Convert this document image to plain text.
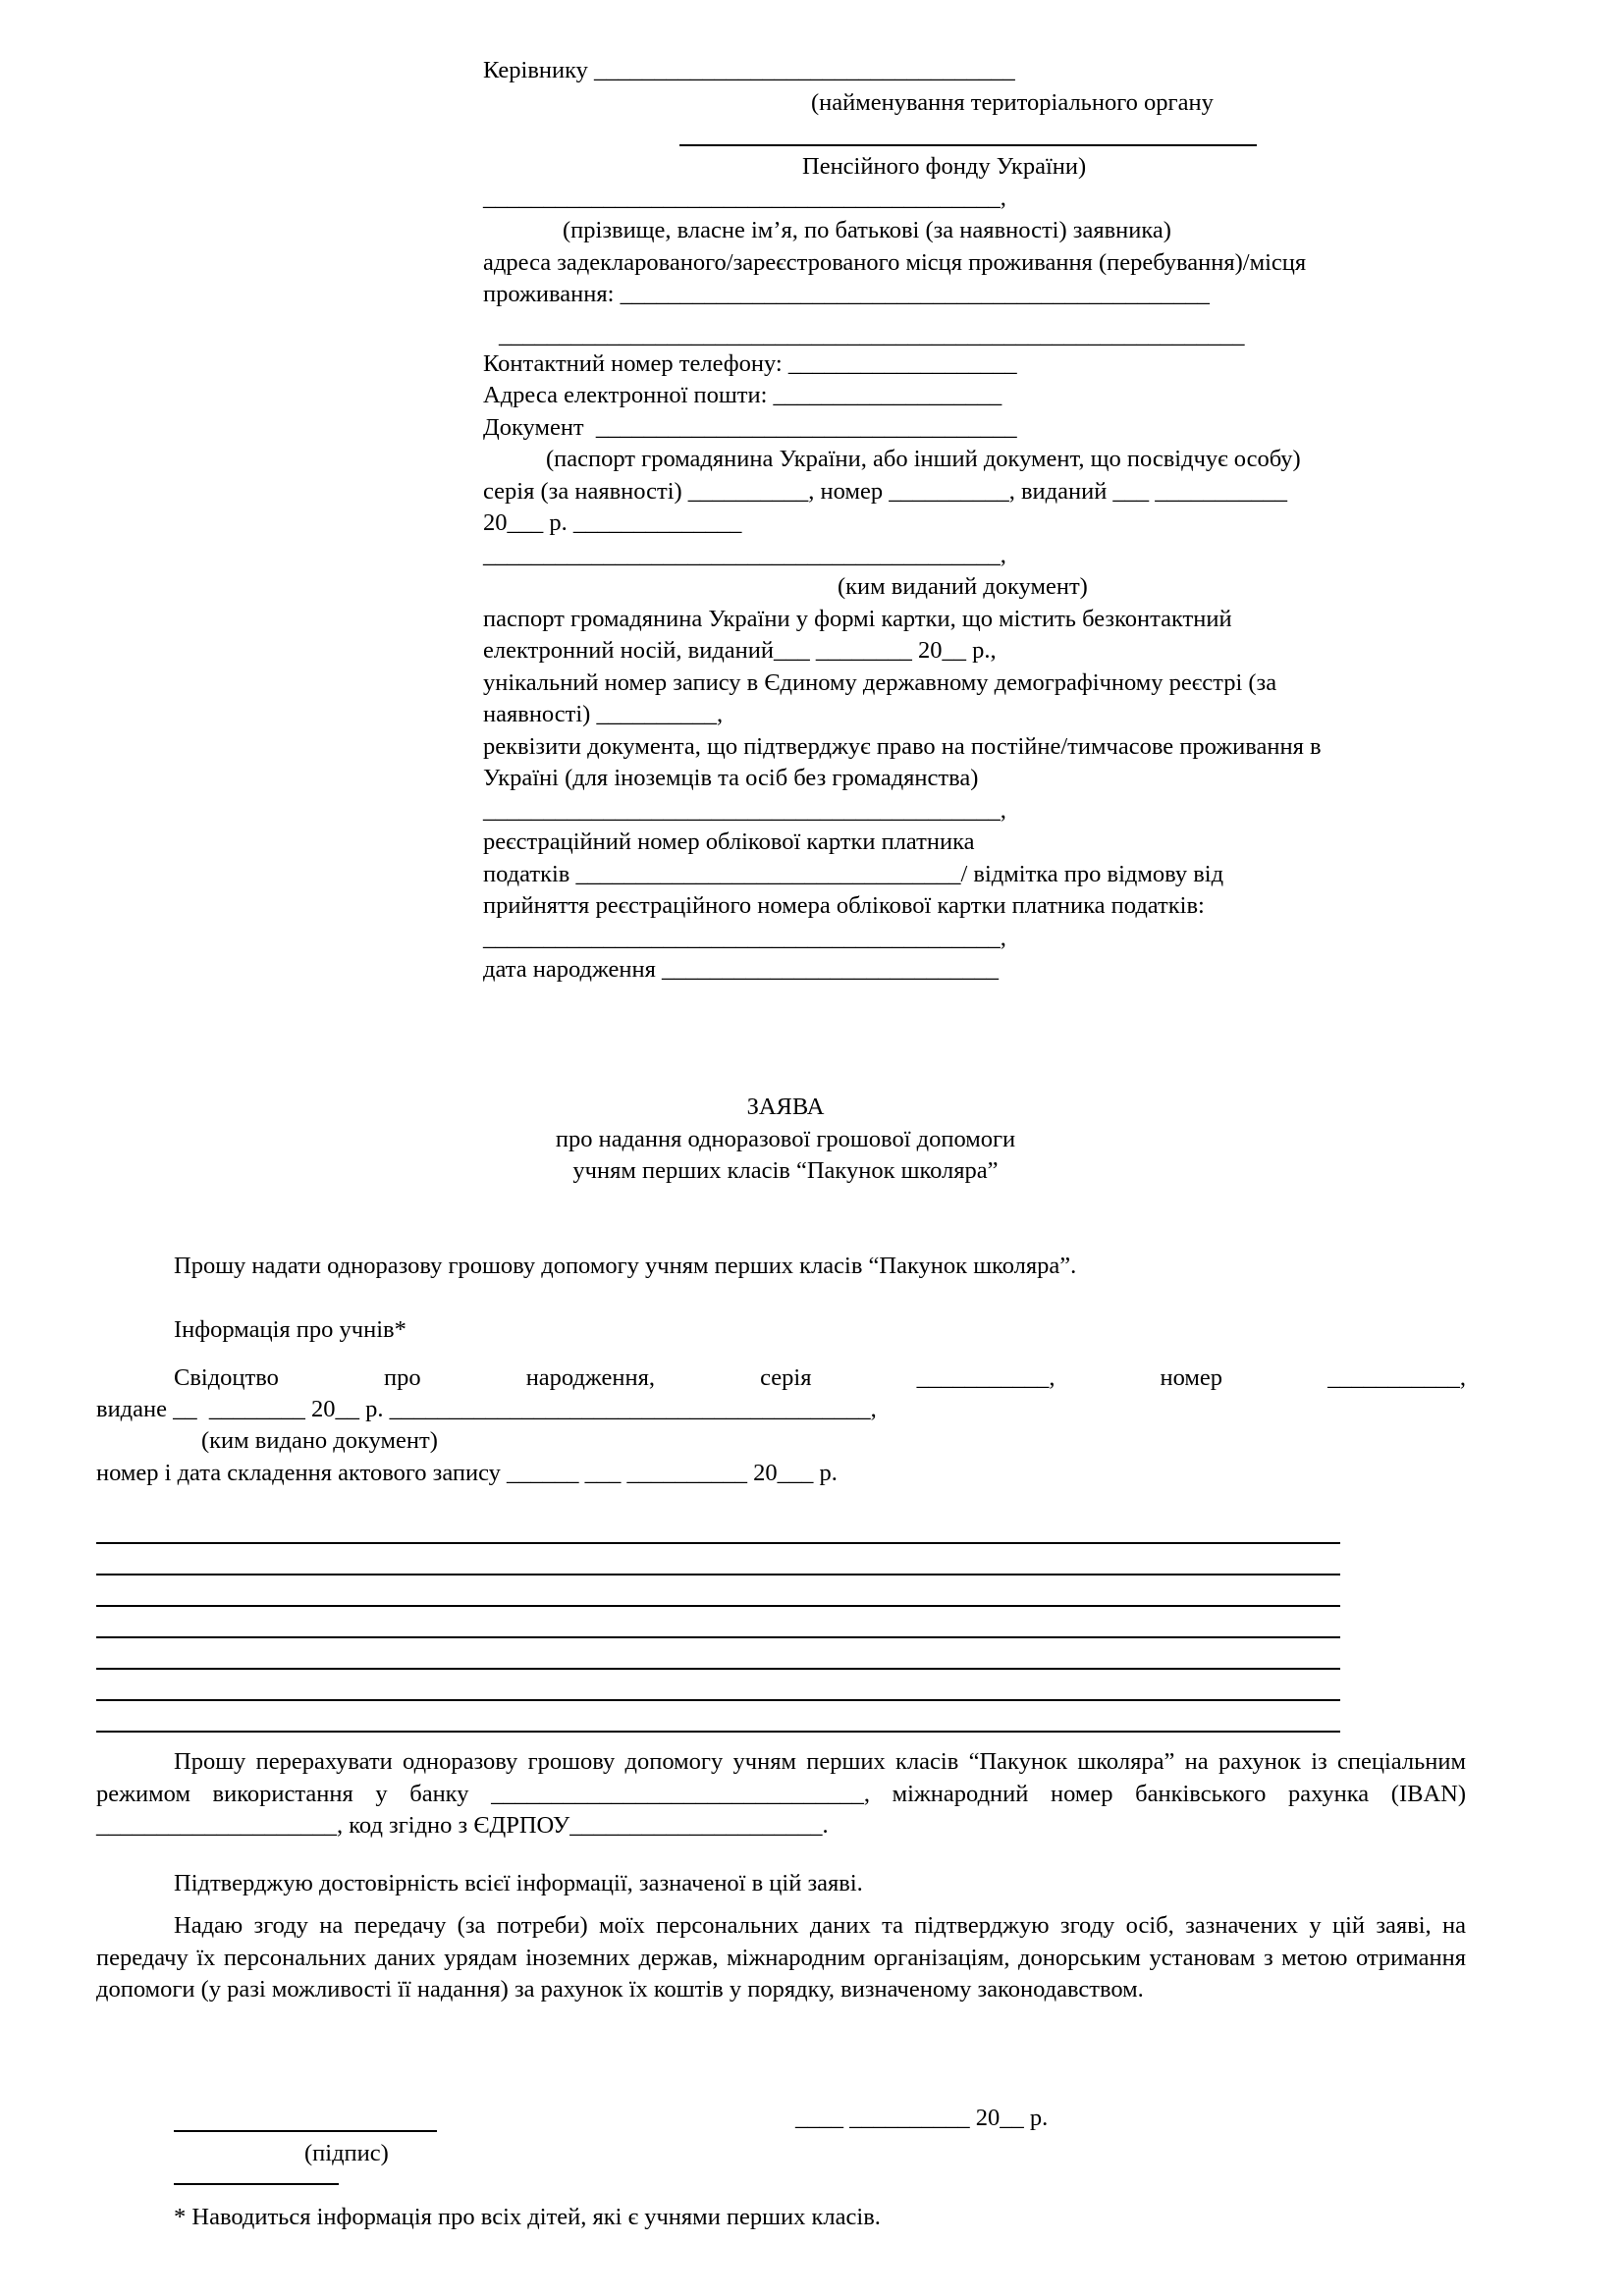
Керівнику ___________________________________
(найменування територіального органу
Пенсійного фонду України)
___________________________________________,
(прізвище, власне ім’я, по батькові (за наявності) заявника)
адреса задекларованого/зареєстрованого місця проживання (перебування)/місця
проживання: _________________________________________________
______________________________________________________________
Контактний номер телефону: ___________________
Адреса електронної пошти: ___________________
Документ  ___________________________________
(паспорт громадянина України, або інший документ, що посвідчує особу)
серія (за наявності) __________, номер __________, виданий ___ ___________
20___ р. ______________
___________________________________________,
(ким виданий документ)
паспорт громадянина України у формі картки, що містить безконтактний
електронний носій, виданий___ ________ 20__ р.,
унікальний номер запису в Єдиному державному демографічному реєстрі (за
наявності) __________,
реквізити документа, що підтверджує право на постійне/тимчасове проживання в
Україні (для іноземців та осіб без громадянства)
___________________________________________,
реєстраційний номер облікової картки платника
податків ________________________________/ відмітка про відмову від
прийняття реєстраційного номера облікової картки платника податків:
___________________________________________,
дата народження ____________________________
ЗАЯВА
про надання одноразової грошової допомоги
учням перших класів “Пакунок школяра”
Прошу надати одноразову грошову допомогу учням перших класів “Пакунок школяра”.
Інформація про учнів*
Свідоцтво	про	народження,	серія	___________,	номер	___________,
видане __  ________ 20__ р. ________________________________________,
(ким видано документ)
номер і дата складення актового запису ______ ___ __________ 20___ р.
Прошу перерахувати одноразову грошову допомогу учням перших класів “Пакунок школяра” на рахунок із спеціальним режимом використання у банку _______________________________, міжнародний номер банківського рахунка (IBAN) ____________________, код згідно з ЄДРПОУ_____________________.
Підтверджую достовірність всієї інформації, зазначеної в цій заяві.
Надаю згоду на передачу (за потреби) моїх персональних даних та підтверджую згоду осіб, зазначених у цій заяві, на передачу їх персональних даних урядам іноземних держав, міжнародним організаціям, донорським установам з метою отримання допомоги (у разі можливості її надання) за рахунок їх коштів у порядку, визначеному законодавством.
____ __________ 20__ р.
(підпис)
* Наводиться інформація про всіх дітей, які є учнями перших класів.
